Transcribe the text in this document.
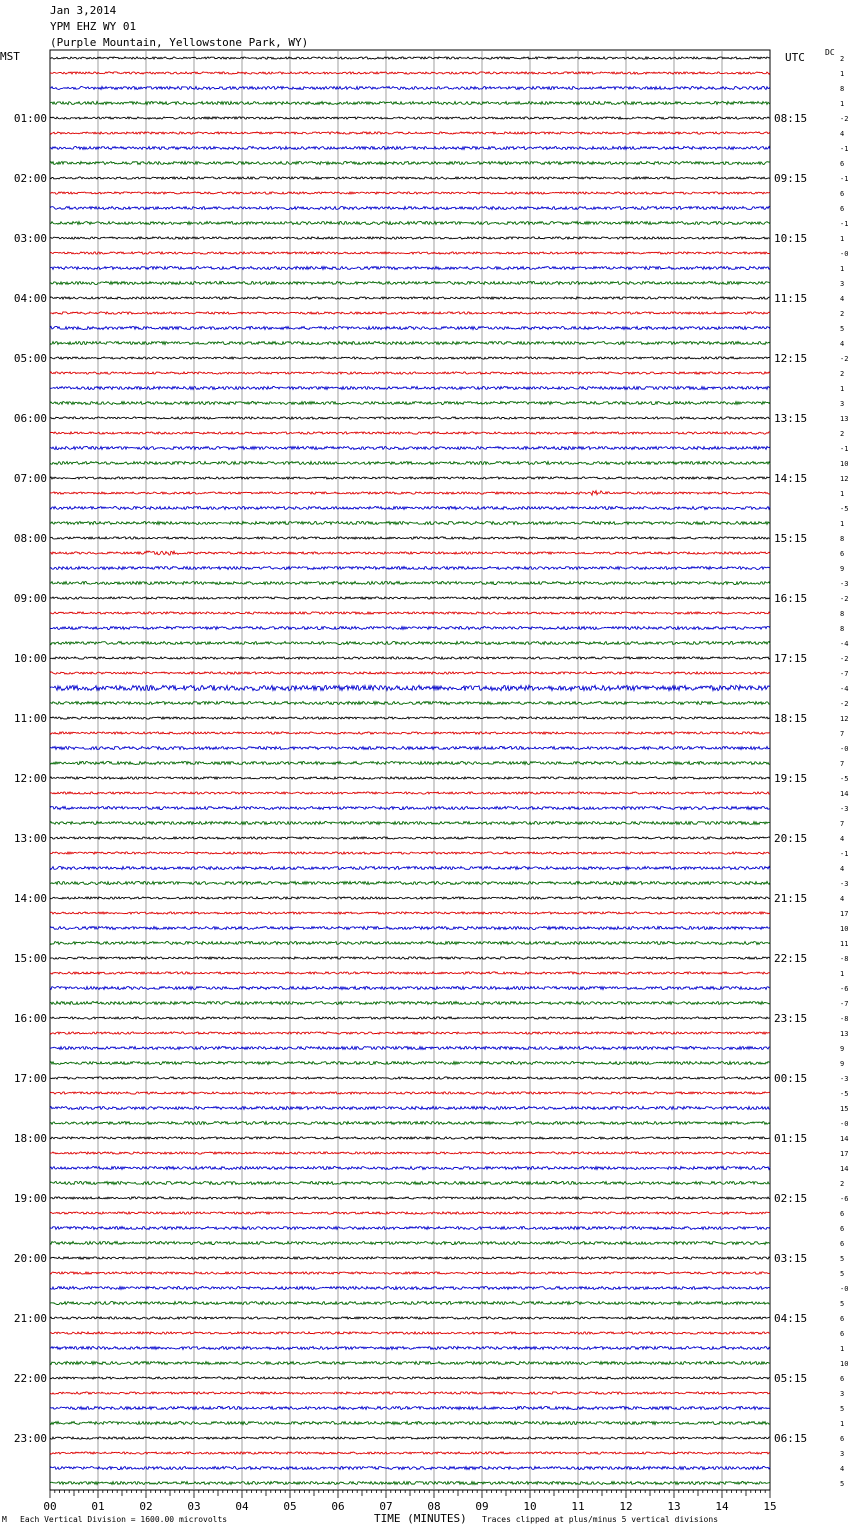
Jan 3,2014
YPM EHZ WY 01
(Purple Mountain, Yellowstone Park, WY)
MST	UTC	DC
2
1
8
1
-2
4
-1
6
-1
6
6
-1
1
-0
1
3
4
2
5
4
-2
2
1
3
13
2
-1
10
12
1
-5
1
8
6
9
-3
-2
8
8
-4
-2
-7
-4
-2
12
7
-0
7
-5
14
-3
7
4
-1
4
-3
4
17
10
11
-8
1
-6
-7
-8
13
9
9
-3
-5
15
-0
14
17
14
2
-6
6
6
6
5
5
-0
5
6
6
1
10
6
3
5
1
6
3
4
5
01:00	08:15
02:00	09:15
03:00	10:15
04:00	11:15
05:00	12:15
06:00	13:15
07:00	14:15
08:00	15:15
09:00	16:15
10:00	17:15
11:00	18:15
12:00	19:15
13:00	20:15
14:00	21:15
15:00	22:15
16:00	23:15
17:00	00:15
18:00	01:15
19:00	02:15
20:00	03:15
21:00	04:15
22:00	05:15
23:00	06:15
00	01	02	03	04	05	06	07	08	09	10	11	12	13	14	15
M Each Vertical Division = 1600.00 microvolts	TIME (MINUTES) Traces clipped at plus/minus 5 vertical divisions
